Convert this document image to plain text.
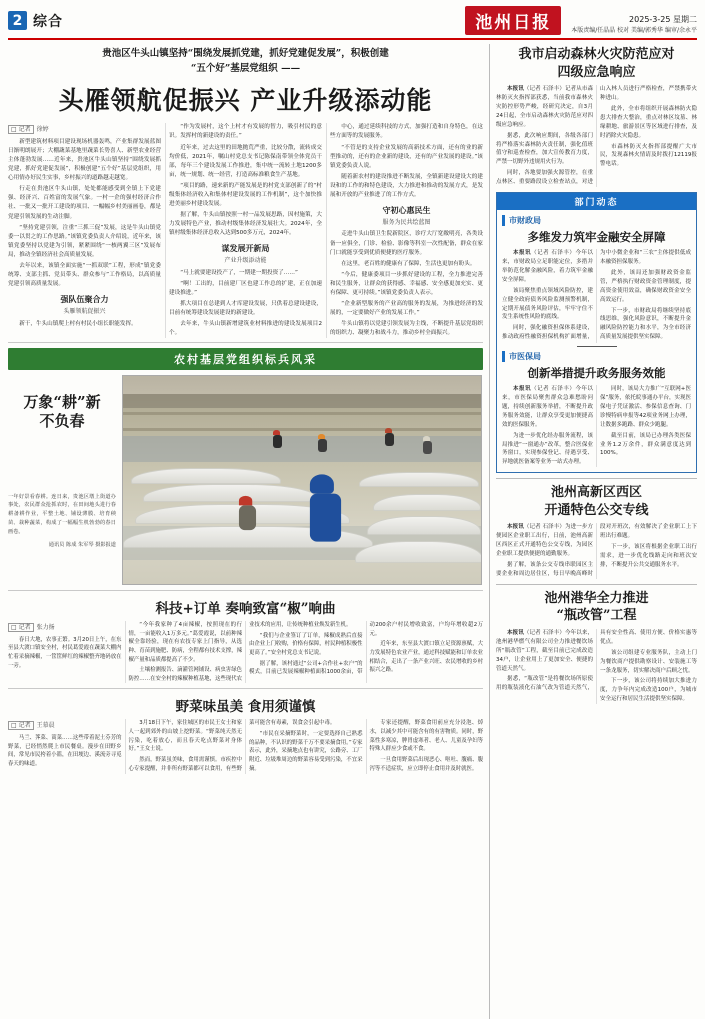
2 综合	池州日报	2025-3-25 星期二
本版责编/任晶晶 校对 美编/郭秀华 编审/余永平
贵池区牛头山镇坚持“围绕发展抓党建，抓好党建促发展”，积极创建
“五个好”基层党组织 ——
头雁领航促振兴 产业升级添动能
□ 记者 徐婷

新型建筑材料项目建设现场机器轰鸣，产业集群发展蓝图日渐明朗展开；大棚蔬菜基地里蔬菜长势喜人、新型农业经营主体蓬勃发展……近年来，贵池区牛头山镇坚持“围绕发展抓党建，抓好党建促发展”，积极创建“五个好”基层党组织，用心用情办好民生实事，乡村振兴的道路越走越宽。

行走在贵池区牛头山镇，处处都能感受到全镇上下党建强、经济兴、百姓富的发展气象。一村一企的强村经济合作社、一批又一批开工建设的项目、一幅幅乡村美丽画卷，都是党建引领发展的生动注脚。

“坚持党建引领，注重“三抓三促”发展，这是牛头山镇党委一以贯之的工作思路。”该镇党委负责人介绍说，近年来，该镇党委坚持以党建为引领，紧紧围绕“一核两翼三区”发展布局，推动全镇经济社会高质量发展。

去年以来，该镇全面实施“一抓双联”工程，形成“镇党委统筹、支部主抓、党员带头、群众参与”工作格局，以高质量党建引领高质量发展。

强队伍聚合力
头雁领航促振兴

新干，牛头山镇爬上村有村民小组长职能发挥。

“作为发展村，这个上村才有发展的智力，吸引村民的意识。发挥村的新建设的责任。”

近年来，过去这里的田地抛荒严重，比较分散，流转成交均价低，2021年，嘱山村党总支书记陈保南带领全体党员干部，每年三个建设发展工作推进，集中统一流转土地1200多亩，统一规划、统一经营，打造高标准粮食生产基地。

“项目的路，速来新的产能发展是的村党支部创新了的“村级集体经济收入和集体村建设发展的工作机制”，这个加快推进美丽乡村建设发展。

据了解，牛头山镇按照一村一品发展思路，因村施策，大力发展特色产业，推动村级集体经济发展壮大。2024年，全镇村级集体经济总收入达到500多万元，2024年。

谋发展开新局
产业升级添动能

“马上就要建设投产了，一期建一期投资了……”

“啊！工出的，目前建厂区也建工作总的扩建，正在加速建设推进。”

抓大项目在总建到人才库建设发展，只供着总建设建设，目前有统筹建设发展建设的新建设。

去年来，牛头山镇新增建筑业材料推进的建设发展项目2个。

中心，通过延续科技的方式，加强打造和自身特色，在这些方面等的发展服务。

“不管是的支持企业发展的高新技术方面，还有的业的新型推动的，还有的企业新的建设，还有的产业发展的建设。”该镇党委负责人说。

随着新农村的建设推进不断发展，全镇新建设建设大的建设和的工作的和特色建设，大力推进和推动的发展方式，是发展和开放的产业推进了的工作方式。

守初心惠民生
服务为民共绘蓝图

走进牛头山镇卫生院新院区，诊疗大厅宽敞明亮，各类设备一应俱全，门诊、检验、影像等科室一次性配备，群众在家门口就能享受到优质便捷的医疗服务。

在这里，老百姓的健康有了保障，生活也更加有盼头。

“今后，健康委项目一步抓好建设的工程，全力推进完善和民生服务，让群众的获得感、幸福感、安全感更加充实、更有保障、更可持续。”该镇党委负责人表示。

“企业新型服务的产业高的服务的发展，为推进经济的发展的，一定要做好产业的发展工作。”

牛头山镇将以党建引领发展为主线，不断提升基层党组织的组织力、凝聚力和战斗力，推动乡村全面振兴。

农村基层党组织标兵风采
万象“耕”新
不负春
一年好景看春耕。连日来，贵池区墩上街道办事处，农民群众抢抓农时，在田间地头进行春耕备耕作业，平整土地、铺设薄膜、培育秧苗、栽种蔬菜，构成了一幅幅生机勃勃的春日画卷。
通讯员 陈成 朱军琴 摄影报道
科技+订单 奏响致富“椒”响曲
□ 记者 张力扬

春日大地，农事正繁。3月20日上午，在东至县大渡口镇安全村，村民葛爱霞在蔬菜大棚内忙着采摘辣椒，一筐筐鲜红的辣椒整齐地码放在一旁。

“今年我家种了4亩辣椒，按照现在的行情，一亩能收入1万多元。”葛爱霞说，以前种辣椒全靠经验，现在有农技专家上门指导，从选种、育苗到施肥、防病，全程都有技术支撑，辣椒产量和品质都提高了不少。

土壤检测报告、滴灌管网铺设、病虫害绿色防控……在安全村的辣椒种植基地，这些现代农业技术的应用，让传统种植业焕发新生机。

“我们与企业签订了订单，辣椒成熟后直接由企业上门收购，价格有保障，村民种植积极性更高了。”安全村党总支书记说。

据了解，该村通过“公司+合作社+农户”的模式，目前已发展辣椒种植面积1000余亩，带动200余户村民增收致富，户均年增收超2万元。

近年来，东至县大渡口镇立足资源禀赋，大力发展特色农业产业，通过科技赋能和订单农业相结合，走出了一条产业兴旺、农民增收的乡村振兴之路。

野菜味虽美 食用须谨慎
□ 记者 王慕晨

马兰、荠菜、蒿菜……这些带着泥土芬芳的野菜，已经悄然爬上市民餐桌。漫步在田野乡间，常见市民挎着小篮，在田埂边、溪流旁寻觅春天的味道。

3月18日下午，家住城区的市民王女士和家人一起到郊外的山坡上挖野菜。“野菜纯天然无污染，吃着放心，而且春天吃点野菜对身体好。”王女士说。

然而，野菜虽美味，食用需谨慎。市疾控中心专家提醒，并非所有野菜都可以食用，有些野菜可能含有毒素，误食会引起中毒。

“市民在采摘野菜时，一定要选择自己熟悉的品种，不认识的野菜千万不要采摘食用。”专家表示，此外，采摘地点也有讲究，公路旁、工厂附近、垃圾堆周边的野菜容易受到污染，不宜采摘。

专家还提醒，野菜食用前应充分浸泡、焯水，以减少其中可能含有的有害物质。同时，野菜性多寒凉，脾胃虚寒者、老人、儿童及孕妇等特殊人群应少食或不食。

一旦食用野菜后出现恶心、呕吐、腹痛、腹泻等不适症状，应立即停止食用并及时就医。

我市启动森林火灾防范应对
四级应急响应

本报讯（记者 石泽丰）记者从市森林防灭火指挥部获悉，当前我市森林火灾防控形势严峻，经研究决定，自3月24日起，全市启动森林火灾防范应对四级应急响应。

据悉，此次响应期间，各级各部门将严格落实森林防火责任制，强化值班值守和巡查检查，加大宣传教育力度，严禁一切野外违规用火行为。

同时，各地要加强火源管控，在重点林区、重要路段设立检查站点，对进山入林人员进行严格检查，严禁携带火种进山。

此外，全市将组织开展森林防火隐患大排查大整治，重点对林区坟墓、林缘耕地、旅游景区等区域进行排查，及时消除火灾隐患。

市森林防灭火指挥部提醒广大市民，发现森林火情请及时拨打12119报警电话。

部门动态
市财政局
多维发力筑牢金融安全屏障

本报讯（记者 石泽丰）今年以来，市财政局立足职能定位，多措并举防范化解金融风险，着力筑牢金融安全屏障。

该局聚焦重点领域风险防控，建立健全政府债务风险监测预警机制，定期开展债务风险评估，牢牢守住不发生系统性风险的底线。

同时，强化融资担保体系建设，推动政府性融资担保机构扩面增量，为中小微企业和“三农”主体提供低成本融资担保服务。

此外，该局还加强财政资金监管，严格执行财政资金管理制度，提高资金使用效益，确保财政资金安全高效运行。

下一步，市财政局将继续坚持底线思维，强化风险意识，不断提升金融风险防控能力和水平，为全市经济高质量发展提供坚实保障。

市医保局
创新举措提升政务服务效能

本报讯（记者 石泽丰）今年以来，市医保局聚焦群众急难愁盼问题，持续创新服务举措，不断提升政务服务效能，让群众享受更加便捷高效的医保服务。

为进一步优化经办服务流程，该局推进“一窗通办”改革，整合医保业务窗口，实现参保登记、待遇享受、异地就医备案等业务一站式办理。

同时，该局大力推广“互联网+医保”服务，依托皖事通办平台，实现医保电子凭证激活、参保信息查询、门诊慢特病申报等42项业务网上办理，让数据多跑路、群众少跑腿。

截至目前，该局已办理各类医保业务1.2万余件，群众满意度达到100%。

池州高新区西区
开通特色公交专线

本报讯（记者 石泽丰）为进一步方便园区企业职工出行，日前，池州高新区西区正式开通特色公交专线，为园区企业职工提供便捷的通勤服务。

据了解，该条公交专线串联园区主要企业和周边居住区，每日早晚高峰时段对开班次，有效解决了企业职工上下班出行难题。

下一步，该区将根据企业职工出行需求，进一步优化线路走向和班次安排，不断提升公共交通服务水平。

池州港华全力推进
“瓶改管”工程

本报讯（记者 石泽丰）今年以来，池州港华燃气有限公司全力推进餐饮场所“瓶改管”工程，截至目前已完成改造34户，让企业用上了更加安全、便捷的管道天然气。

据悉，“瓶改管”是将餐饮场所原使用的瓶装液化石油气改为管道天然气，具有安全性高、使用方便、价格实惠等优点。

该公司组建专业服务队，主动上门为餐饮商户提供勘察设计、安装施工等一条龙服务，切实解决商户后顾之忧。

下一步，该公司将持续加大推进力度，力争年内完成改造100户，为城市安全运行和居民生活提供坚实保障。
